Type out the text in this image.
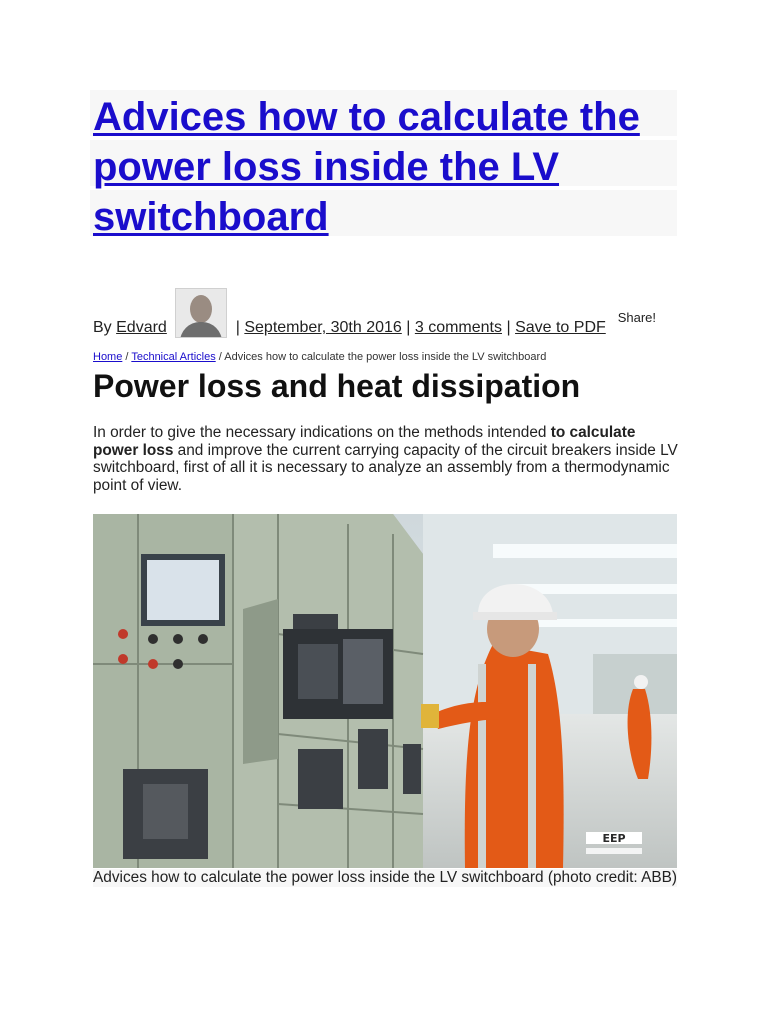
Advices how to calculate the power loss inside the LV switchboard
By Edvard	| September, 30th 2016 | 3 comments | Save to PDF
Share!
Home / Technical Articles / Advices how to calculate the power loss inside the LV switchboard
Power loss and heat dissipation

In order to give the necessary indications on the methods intended to calculate power loss and improve the current carrying capacity of the circuit breakers inside LV switchboard, first of all it is necessary to analyze an assembly from a thermodynamic point of view.

EEP

Advices how to calculate the power loss inside the LV switchboard (photo credit: ABB)
